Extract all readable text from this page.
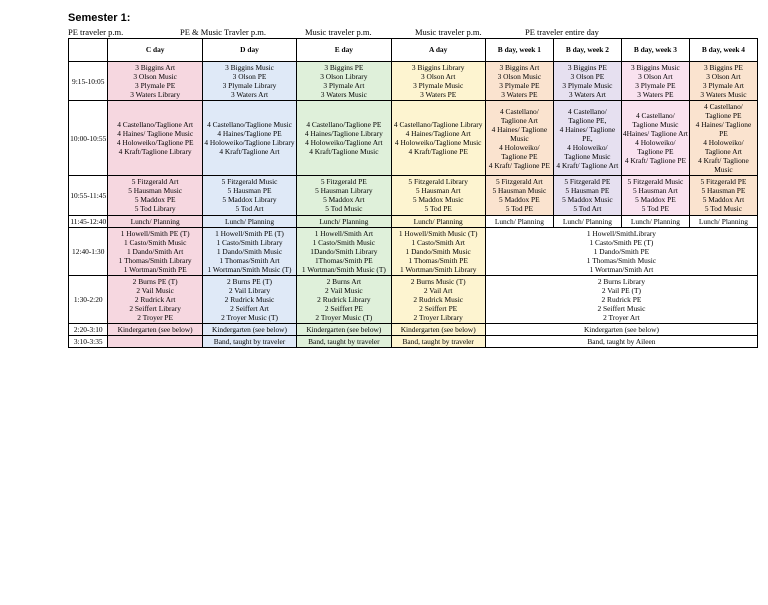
Semester 1:
PE traveler p.m.	PE & Music Travler p.m.	Music traveler p.m.	Music traveler p.m.	PE traveler entire day
	C day	D day	E day	A day	B day, week 1	B day, week 2	B day, week 3	B day, week 4

9:15-10:05	3 Biggins Art
3 Olson Music
3 Plymale PE
3 Waters Library	3 Biggins Music
3 Olson PE
3 Plymale Library
3 Waters Art	3 Biggins PE
3 Olson Library
3 Plymale Art
3 Waters Music	3 Biggins Library
3 Olson Art
3 Plymale Music
3 Waters PE	3 Biggins Art
3 Olson Music
3 Plymale PE
3 Waters PE	3 Biggins PE
3 Olson PE
3 Plymale Music
3 Waters Art	3 Biggins Music
3 Olson Art
3 Plymale PE
3 Waters PE	3 Biggins PE
3 Olson Art
3 Plymale Art
3 Waters Music

10:00-10:55	4 Castellano/Taglione Art
4 Haines/ Taglione Music
4 Holoweiko/Taglione PE
4 Kraft/Taglione Library	4 Castellano/Taglione Music
4 Haines/Taglione PE
4 Holoweiko/Taglione Library
4 Kraft/Taglione Art	4 Castellano/Taglione PE
4 Haines/Taglione Library
4 Holoweiko/Taglione Art
4 Kraft/Taglione Music	4 Castellano/Taglione Library
4 Haines/Taglione Art
4 Holoweiko/Taglione Music
4 Kraft/Taglione PE	4 Castellano/ Taglione Art
4 Haines/ Taglione Music
4 Holoweiko/ Taglione PE
4 Kraft/ Taglione PE	4 Castellano/ Taglione PE,
4 Haines/ Taglione PE,
4 Holoweiko/ Taglione Music
4 Kraft/ Taglione Art	4 Castellano/ Taglione Music
4Haines/ Taglione Art
4 Holoweiko/ Taglione PE
4 Kraft/ Taglione PE	4 Castellano/ Taglione PE
4 Haines/ Taglione PE
4 Holoweiko/ Taglione Art
4 Kraft/ Taglione Music

10:55-11:45	5 Fitzgerald Art
5 Hausman Music
5 Maddox PE
5 Tod Library	5 Fitzgerald Music
5 Hausman PE
5 Maddox Library
5 Tod Art	5 Fitzgerald PE
5 Hausman Library
5 Maddox Art
5 Tod Music	5 Fitzgerald Library
5 Hausman Art
5 Maddox Music
5 Tod PE	5 Fitzgerald Art
5 Hausman Music
5 Maddox PE
5 Tod PE	5 Fitzgerald PE
5 Hausman PE
5 Maddox Music
5 Tod Art	5 Fitzgerald Music
5 Hausman Art
5 Maddox PE
5 Tod PE	5 Fitzgerald PE
5 Hausman PE
5 Maddox Art
5 Tod Music

11:45-12:40	Lunch/ Planning	Lunch/ Planning	Lunch/ Planning	Lunch/ Planning	Lunch/ Planning	Lunch/ Planning	Lunch/ Planning	Lunch/ Planning

12:40-1:30	1 Howell/Smith PE (T)
1 Casto/Smith Music
1 Dando/Smith Art
1 Thomas/Smith Library
1 Wortman/Smith PE	1 Howell/Smith PE (T)
1 Casto/Smith Library
1 Dando/Smith Music
1 Thomas/Smith Art
1 Wortman/Smith Music (T)	1 Howell/Smith Art
1 Casto/Smith Music
1Dando/Smith Library
1Thomas/Smith PE
1 Wortman/Smith Music (T)	1 Howell/Smith Music (T)
1 Casto/Smith Art
1 Dando/Smith Music
1 Thomas/Smith PE
1 Wortman/Smith Library	1 Howell/SmithLibrary
1 Casto/Smith PE (T)
1 Dando/Smith PE
1 Thomas/Smith Music
1 Wortman/Smith Art			

1:30-2:20	2 Burns PE (T)
2 Vail Music
2 Rudrick Art
2 Seiffert Library
2 Troyer PE	2 Burns PE (T)
2 Vail Library
2 Rudrick Music
2 Seiffert Art
2 Troyer Music (T)	2 Burns Art
2 Vail Music
2 Rudrick Library
2 Seiffert PE
2 Troyer Music (T)	2 Burns Music (T)
2 Vail Art
2 Rudrick Music
2 Seiffert PE
2 Troyer Library	2 Burns Library
2 Vail PE (T)
2 Rudrick PE
2 Seiffert Music
2 Troyer Art			

2:20-3:10	Kindergarten (see below)	Kindergarten (see below)	Kindergarten (see below)	Kindergarten (see below)	Kindergarten (see below)			

3:10-3:35		Band, taught by traveler	Band, taught by traveler	Band, taught by traveler	Band, taught by Aileen			
